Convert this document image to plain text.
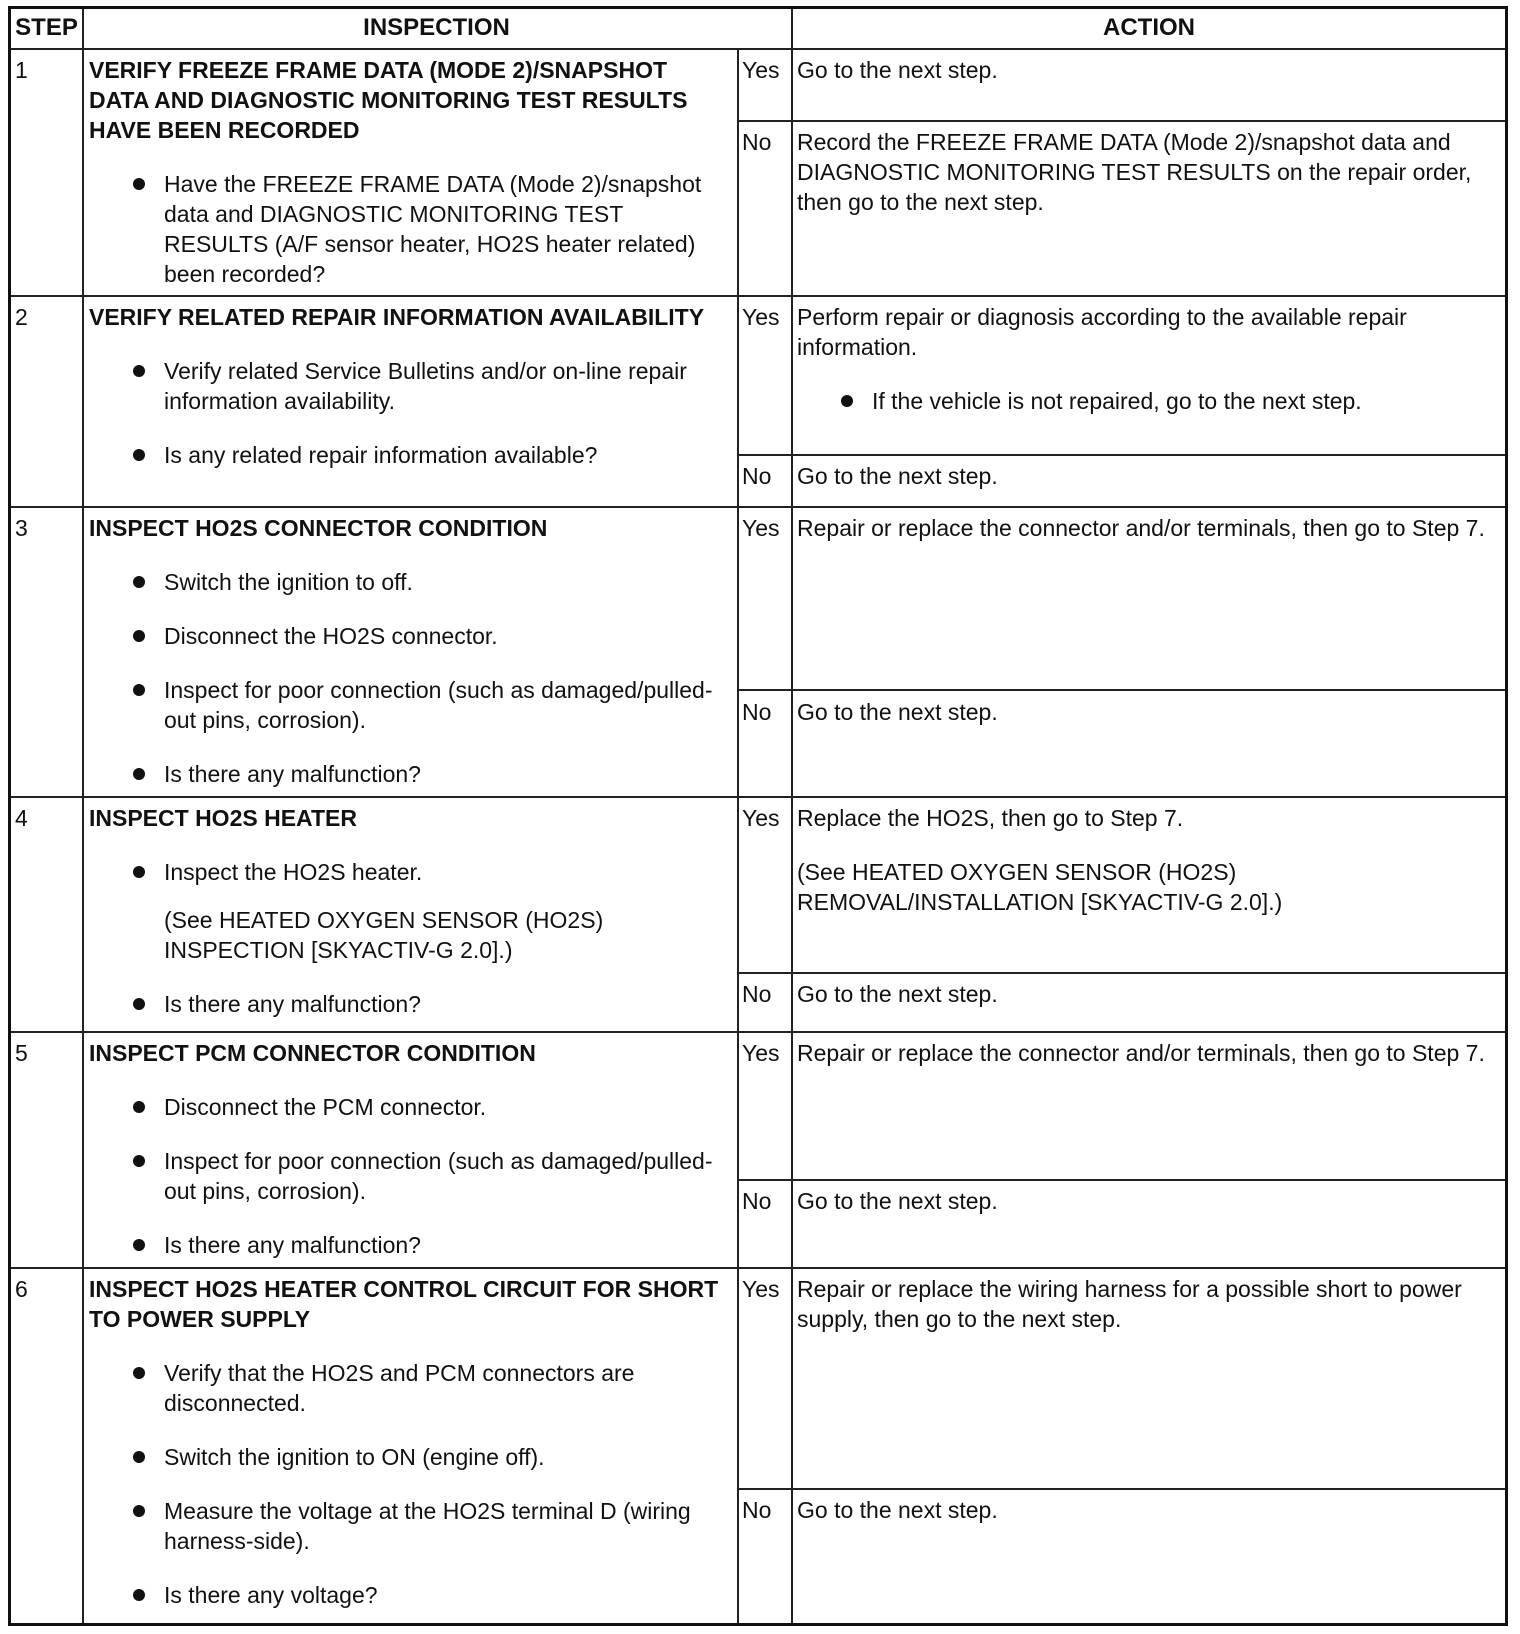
STEP	INSPECTION	ACTION
1	VERIFY FREEZE FRAME DATA (MODE 2)/SNAPSHOT DATA AND DIAGNOSTIC MONITORING TEST RESULTS HAVE BEEN RECORDED
Have the FREEZE FRAME DATA (Mode 2)/snapshot data and DIAGNOSTIC MONITORING TEST RESULTS (A/F sensor heater, HO2S heater related) been recorded?
Yes Go to the next step.
No Record the FREEZE FRAME DATA (Mode 2)/snapshot data and DIAGNOSTIC MONITORING TEST RESULTS on the repair order, then go to the next step.
2	VERIFY RELATED REPAIR INFORMATION AVAILABILITY
Verify related Service Bulletins and/or on-line repair information availability.
Is any related repair information available?
Yes Perform repair or diagnosis according to the available repair information.
If the vehicle is not repaired, go to the next step.
No Go to the next step.
3	INSPECT HO2S CONNECTOR CONDITION
Switch the ignition to off.
Disconnect the HO2S connector.
Inspect for poor connection (such as damaged/pulled-out pins, corrosion).
Is there any malfunction?
Yes Repair or replace the connector and/or terminals, then go to Step 7.
No Go to the next step.
4	INSPECT HO2S HEATER
Inspect the HO2S heater.
(See HEATED OXYGEN SENSOR (HO2S) INSPECTION [SKYACTIV-G 2.0].)
Is there any malfunction?
Yes Replace the HO2S, then go to Step 7.
(See HEATED OXYGEN SENSOR (HO2S) REMOVAL/INSTALLATION [SKYACTIV-G 2.0].)
No Go to the next step.
5	INSPECT PCM CONNECTOR CONDITION
Disconnect the PCM connector.
Inspect for poor connection (such as damaged/pulled-out pins, corrosion).
Is there any malfunction?
Yes Repair or replace the connector and/or terminals, then go to Step 7.
No Go to the next step.
6	INSPECT HO2S HEATER CONTROL CIRCUIT FOR SHORT TO POWER SUPPLY
Verify that the HO2S and PCM connectors are disconnected.
Switch the ignition to ON (engine off).
Measure the voltage at the HO2S terminal D (wiring harness-side).
Is there any voltage?
Yes Repair or replace the wiring harness for a possible short to power supply, then go to the next step.
No Go to the next step.
